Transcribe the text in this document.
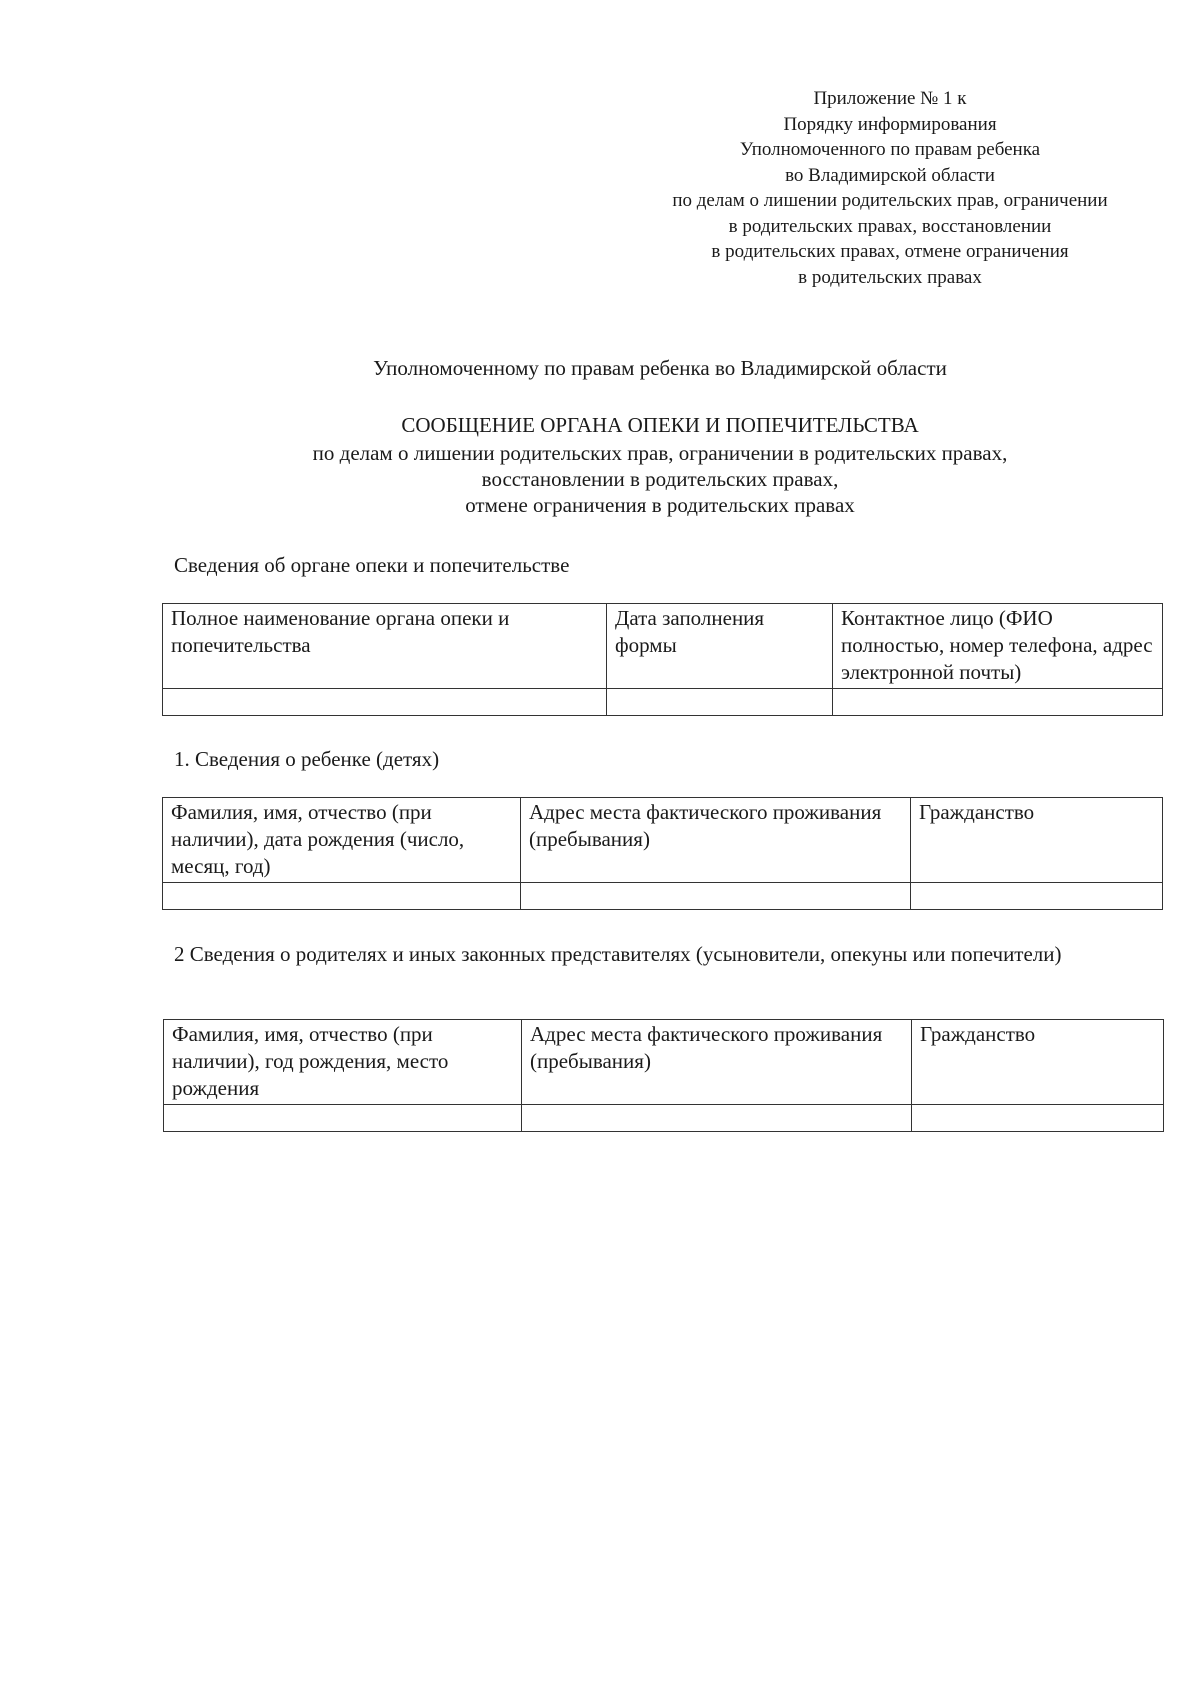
Приложение № 1 к
Порядку информирования
Уполномоченного по правам ребенка
во Владимирской области
по делам о лишении родительских прав, ограничении
в родительских правах, восстановлении
в родительских правах, отмене ограничения
в родительских правах
Уполномоченному по правам ребенка во Владимирской области
СООБЩЕНИЕ ОРГАНА ОПЕКИ И ПОПЕЧИТЕЛЬСТВА
по делам о лишении родительских прав, ограничении в родительских правах,
восстановлении в родительских правах,
отмене ограничения в родительских правах
Сведения об органе опеки и попечительстве
Полное наименование органа опеки и попечительства	Дата заполнения формы	Контактное лицо (ФИО полностью, номер телефона, адрес электронной почты)

1. Сведения о ребенке (детях)
Фамилия, имя, отчество (при наличии), дата рождения (число, месяц, год)	Адрес места фактического проживания (пребывания)	Гражданство

2 Сведения о родителях и иных законных представителях (усыновители, опекуны или попечители)
Фамилия, имя, отчество (при наличии), год рождения, место рождения	Адрес места фактического проживания (пребывания)	Гражданство
